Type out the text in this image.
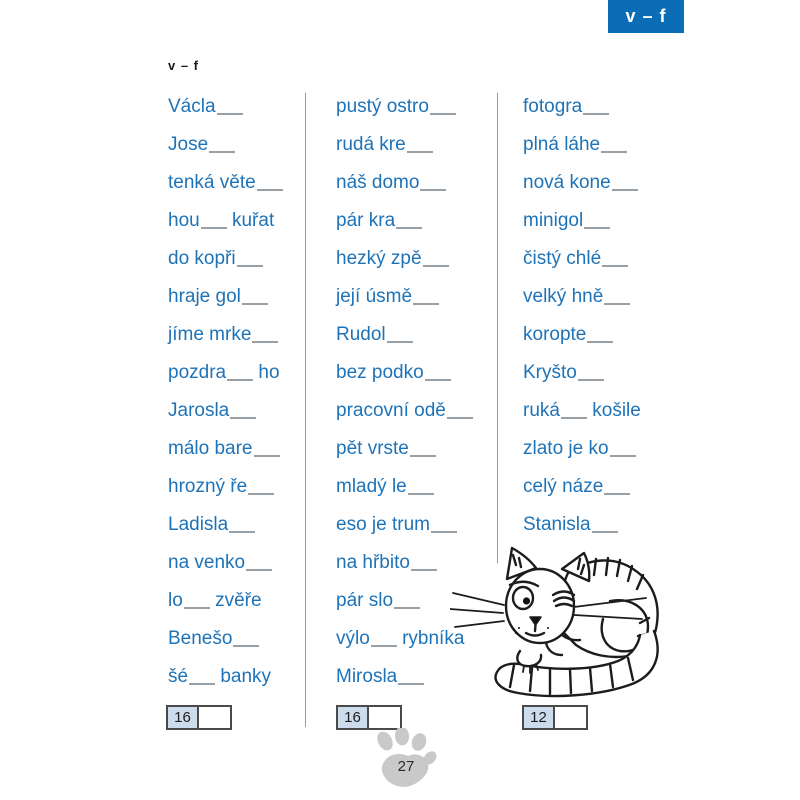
v – f
v – f
Václa
Jose
tenká věte
hou kuřat
do kopři
hraje gol
jíme mrke
pozdra ho
Jarosla
málo bare
hrozný ře
Ladisla
na venko
lo zvěře
Benešo
šé banky
pustý ostro
rudá kre
náš domo
pár kra
hezký zpě
její úsmě
Rudol
bez podko
pracovní odě
pět vrste
mladý le
eso je trum
na hřbito
pár slo
výlo rybníka
Mirosla
fotogra
plná láhe
nová kone
minigol
čistý chlé
velký hně
koropte
Kryšto
ruká košile
zlato je ko
celý náze
Stanisla
16	16	12
27
